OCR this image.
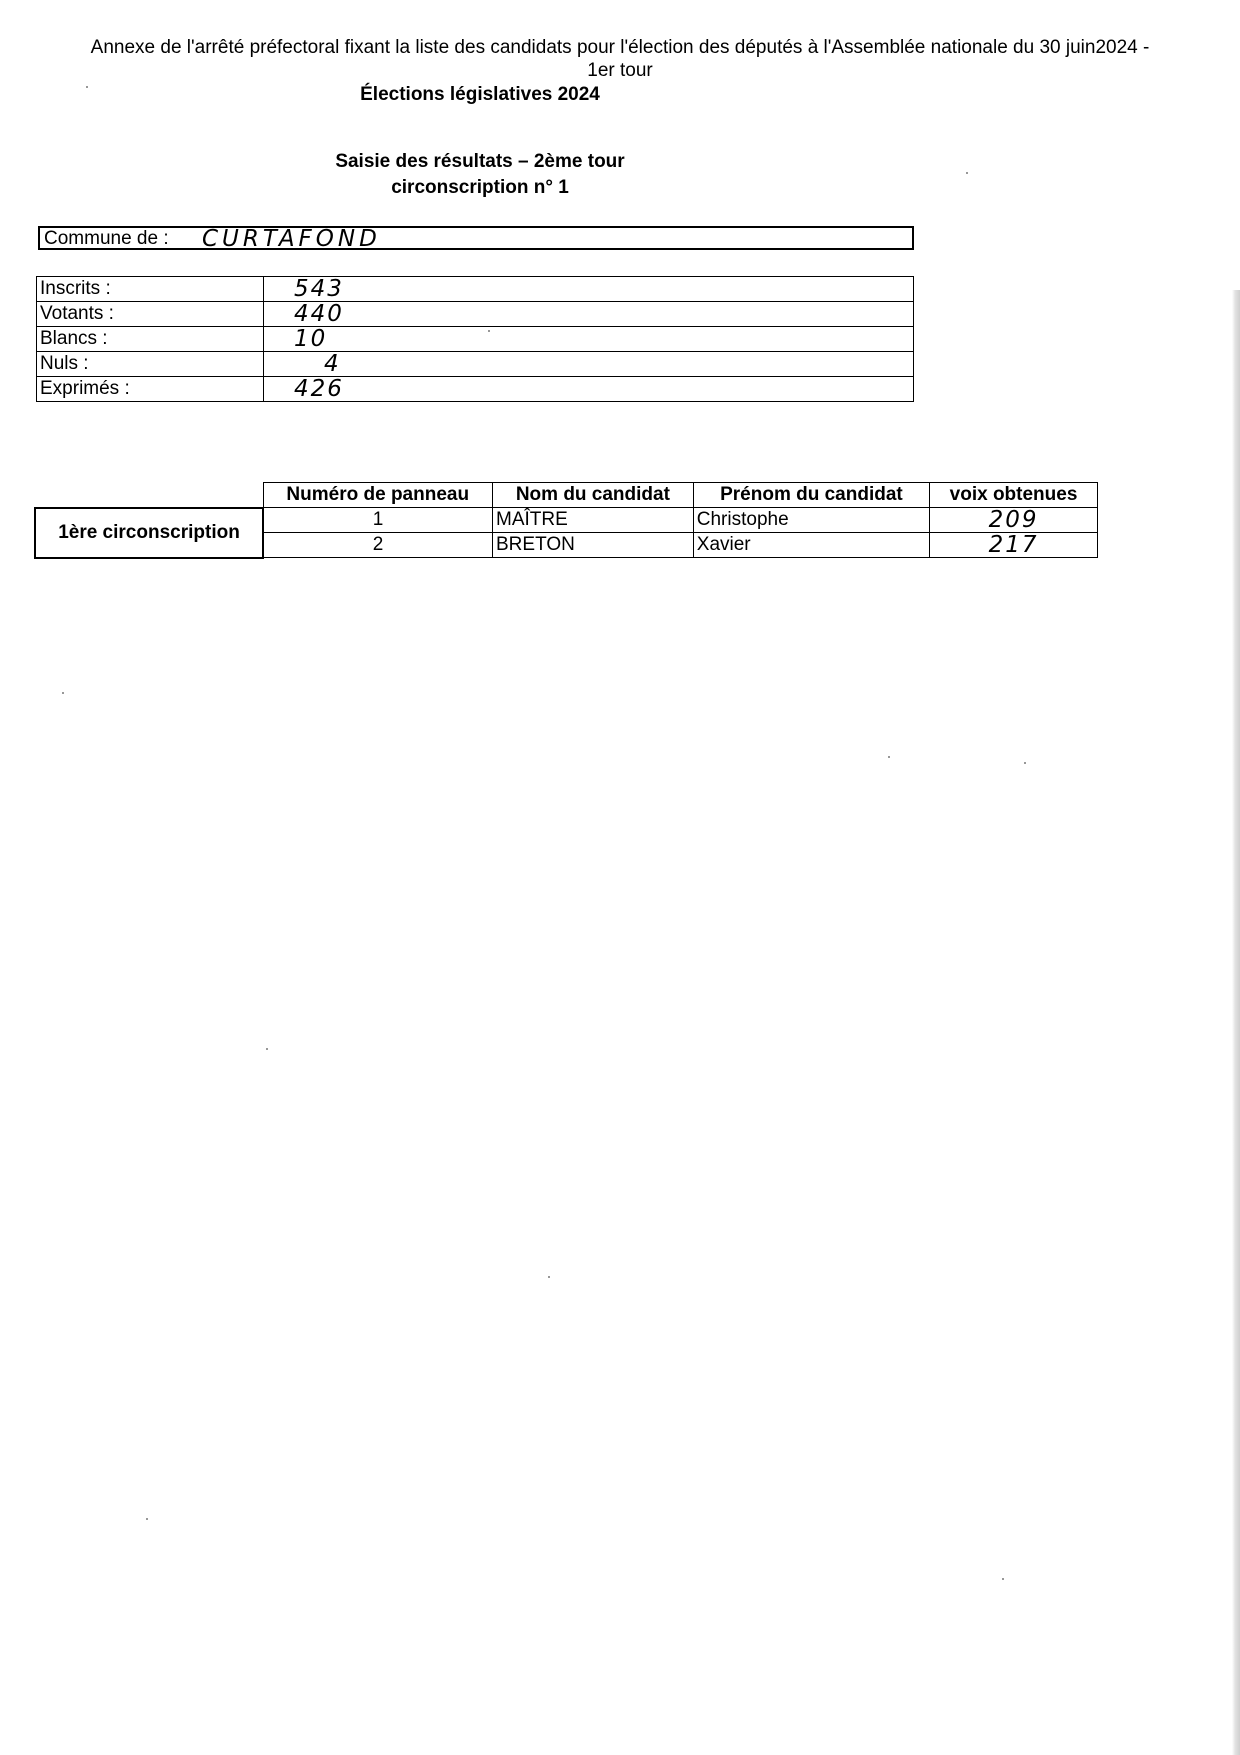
Annexe de l'arrêté préfectoral fixant la liste des candidats pour l'élection des députés à l'Assemblée nationale du 30 juin2024 -
1er tour
Élections législatives 2024
Saisie des résultats – 2ème tour
circonscription n° 1
Commune de : CURTAFOND
Inscrits :	543
Votants :	440
Blancs :	10
Nuls :	4
Exprimés :	426
	Numéro de panneau	Nom du candidat	Prénom du candidat	voix obtenues
1ère circonscription	1	MAÎTRE	Christophe	209
	2	BRETON	Xavier	217
